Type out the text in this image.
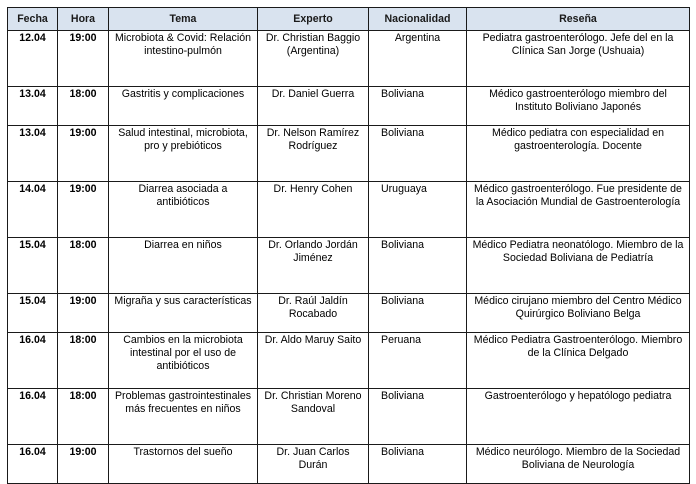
Fecha	Hora	Tema	Experto	Nacionalidad	Reseña
12.04	19:00	Microbiota & Covid: Relación intestino-pulmón	Dr. Christian Baggio (Argentina)	Argentina	Pediatra gastroenterólogo. Jefe del en la Clínica San Jorge (Ushuaia)
13.04	18:00	Gastritis y complicaciones	Dr. Daniel Guerra	Boliviana	Médico gastroenterólogo miembro del Instituto Boliviano Japonés
13.04	19:00	Salud intestinal, microbiota, pro y prebióticos	Dr. Nelson Ramírez Rodríguez	Boliviana	Médico pediatra con especialidad en gastroenterología. Docente
14.04	19:00	Diarrea asociada a antibióticos	Dr. Henry Cohen	Uruguaya	Médico gastroenterólogo. Fue presidente de la Asociación Mundial de Gastroenterología
15.04	18:00	Diarrea en niños	Dr. Orlando Jordán Jiménez	Boliviana	Médico Pediatra neonatólogo. Miembro de la Sociedad Boliviana de Pediatría
15.04	19:00	Migraña y sus características	Dr. Raúl Jaldín Rocabado	Boliviana	Médico cirujano miembro del Centro Médico Quirúrgico Boliviano Belga
16.04	18:00	Cambios en la microbiota intestinal por el uso de antibióticos	Dr. Aldo Maruy Saito	Peruana	Médico Pediatra Gastroenterólogo. Miembro de la Clínica Delgado
16.04	18:00	Problemas gastrointestinales más frecuentes en niños	Dr. Christian Moreno Sandoval	Boliviana	Gastroenterólogo y hepatólogo pediatra
16.04	19:00	Trastornos del sueño	Dr. Juan Carlos Durán	Boliviana	Médico neurólogo. Miembro de la Sociedad Boliviana de Neurología
